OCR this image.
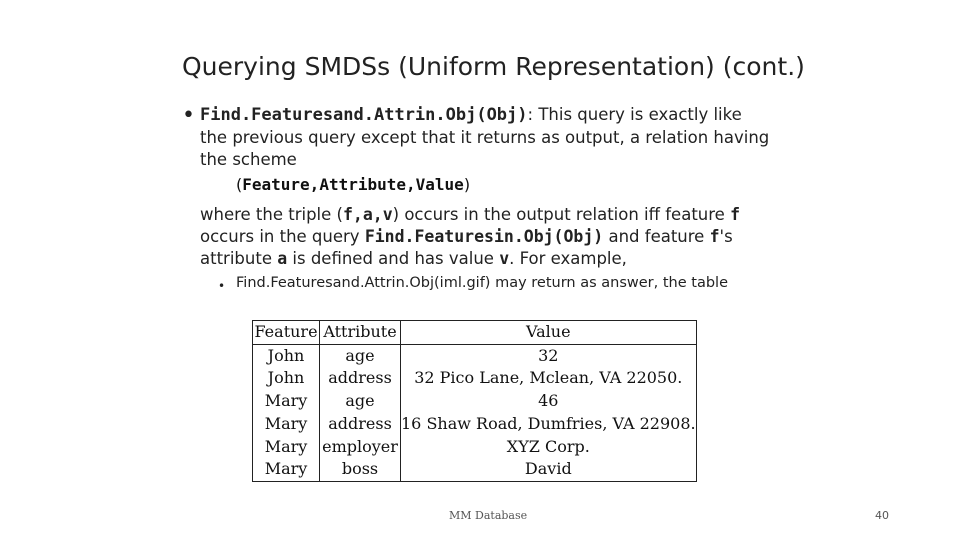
Querying SMDSs (Uniform Representation) (cont.)
• Find.Featuresand.Attrin.Obj(Obj): This query is exactly like
the previous query except that it returns as output, a relation having
the scheme
(Feature,Attribute,Value)
where the triple (f,a,v) occurs in the output relation iff feature f
occurs in the query Find.Featuresin.Obj(Obj) and feature f's
attribute a is defined and has value v. For example,
• Find.Featuresand.Attrin.Obj(iml.gif) may return as answer, the table
Feature	Attribute	Value
John	age	32
John	address	32 Pico Lane, Mclean, VA 22050.
Mary	age	46
Mary	address	16 Shaw Road, Dumfries, VA 22908.
Mary	employer	XYZ Corp.
Mary	boss	David
MM Database	40
